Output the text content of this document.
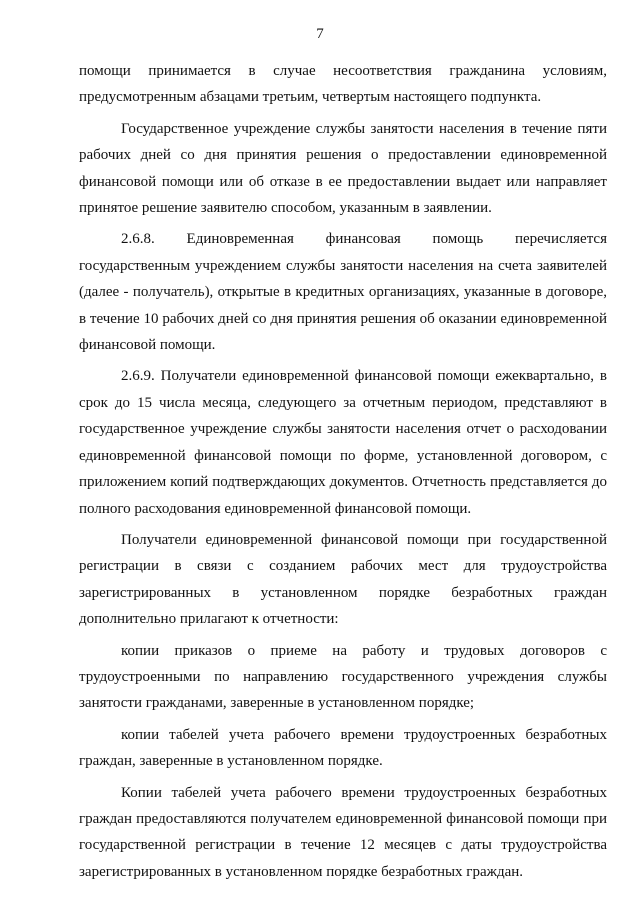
7

помощи принимается в случае несоответствия гражданина условиям, предусмотренным абзацами третьим, четвертым настоящего подпункта.

Государственное учреждение службы занятости населения в течение пяти рабочих дней со дня принятия решения о предоставлении единовременной финансовой помощи или об отказе в ее предоставлении выдает или направляет принятое решение заявителю способом, указанным в заявлении.

2.6.8. Единовременная финансовая помощь перечисляется государственным учреждением службы занятости населения на счета заявителей (далее - получатель), открытые в кредитных организациях, указанные в договоре, в течение 10 рабочих дней со дня принятия решения об оказании единовременной финансовой помощи.

2.6.9. Получатели единовременной финансовой помощи ежеквартально, в срок до 15 числа месяца, следующего за отчетным периодом, представляют в государственное учреждение службы занятости населения отчет о расходовании единовременной финансовой помощи по форме, установленной договором, с приложением копий подтверждающих документов. Отчетность представляется до полного расходования единовременной финансовой помощи.

Получатели единовременной финансовой помощи при государственной регистрации в связи с созданием рабочих мест для трудоустройства зарегистрированных в установленном порядке безработных граждан дополнительно прилагают к отчетности:

копии приказов о приеме на работу и трудовых договоров с трудоустроенными по направлению государственного учреждения службы занятости гражданами, заверенные в установленном порядке;

копии табелей учета рабочего времени трудоустроенных безработных граждан, заверенные в установленном порядке.

Копии табелей учета рабочего времени трудоустроенных безработных граждан предоставляются получателем единовременной финансовой помощи при государственной регистрации в течение 12 месяцев с даты трудоустройства зарегистрированных в установленном порядке безработных граждан.
